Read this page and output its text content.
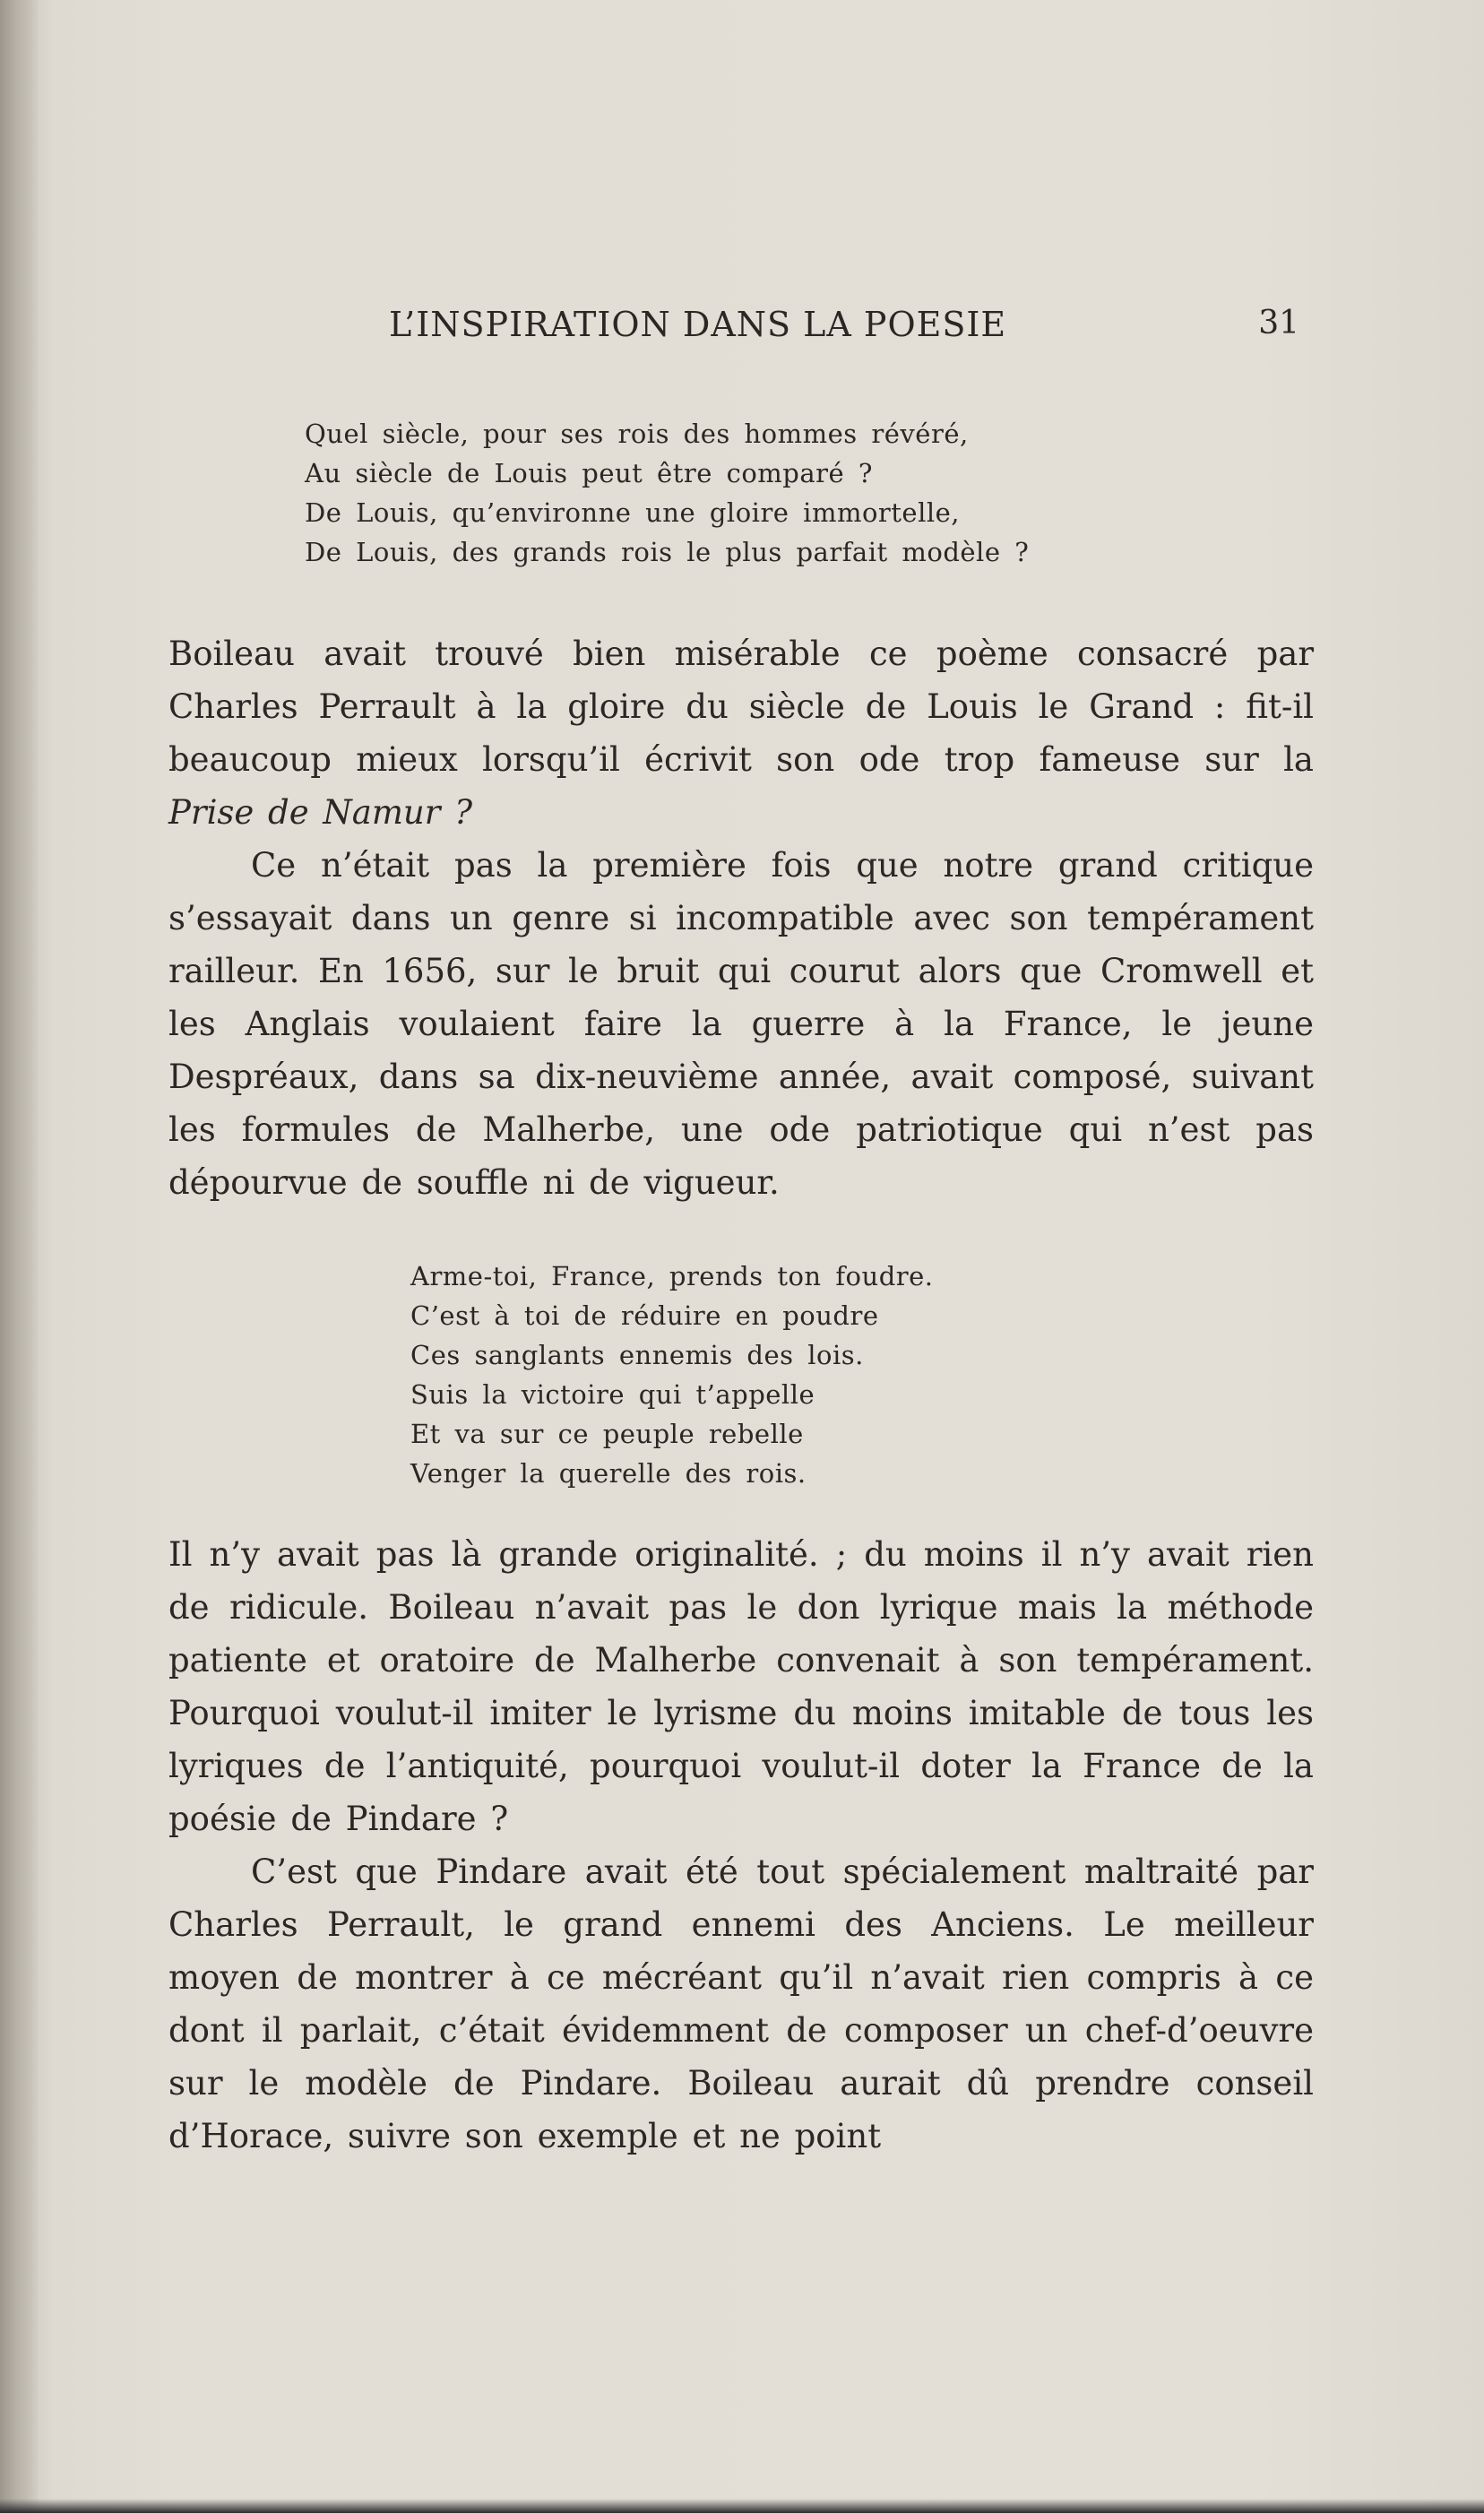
L’INSPIRATION DANS LA POESIE	31
Quel siècle, pour ses rois des hommes révéré,
Au siècle de Louis peut être comparé ?
De Louis, qu’environne une gloire immortelle,
De Louis, des grands rois le plus parfait modèle ?

Boileau avait trouvé bien misérable ce poème consacré par Charles Perrault à la gloire du siècle de Louis le Grand : fit-il beaucoup mieux lorsqu’il écrivit son ode trop fameuse sur la Prise de Namur ?

Ce n’était pas la première fois que notre grand critique s’essayait dans un genre si incompatible avec son tempérament railleur. En 1656, sur le bruit qui courut alors que Cromwell et les Anglais voulaient faire la guerre à la France, le jeune Despréaux, dans sa dix-neuvième année, avait composé, suivant les formules de Malherbe, une ode patriotique qui n’est pas dépourvue de souffle ni de vigueur.

Arme-toi, France, prends ton foudre.
C’est à toi de réduire en poudre
Ces sanglants ennemis des lois.
Suis la victoire qui t’appelle
Et va sur ce peuple rebelle
Venger la querelle des rois.

Il n’y avait pas là grande originalité. ; du moins il n’y avait rien de ridicule. Boileau n’avait pas le don lyrique mais la méthode patiente et oratoire de Malherbe convenait à son tempérament. Pourquoi voulut-il imiter le lyrisme du moins imitable de tous les lyriques de l’antiquité, pourquoi voulut-il doter la France de la poésie de Pindare ?

C’est que Pindare avait été tout spécialement maltraité par Charles Perrault, le grand ennemi des Anciens. Le meilleur moyen de montrer à ce mécréant qu’il n’avait rien compris à ce dont il parlait, c’était évidemment de composer un chef-d’oeuvre sur le modèle de Pindare. Boileau aurait dû prendre conseil d’Horace, suivre son exemple et ne point
